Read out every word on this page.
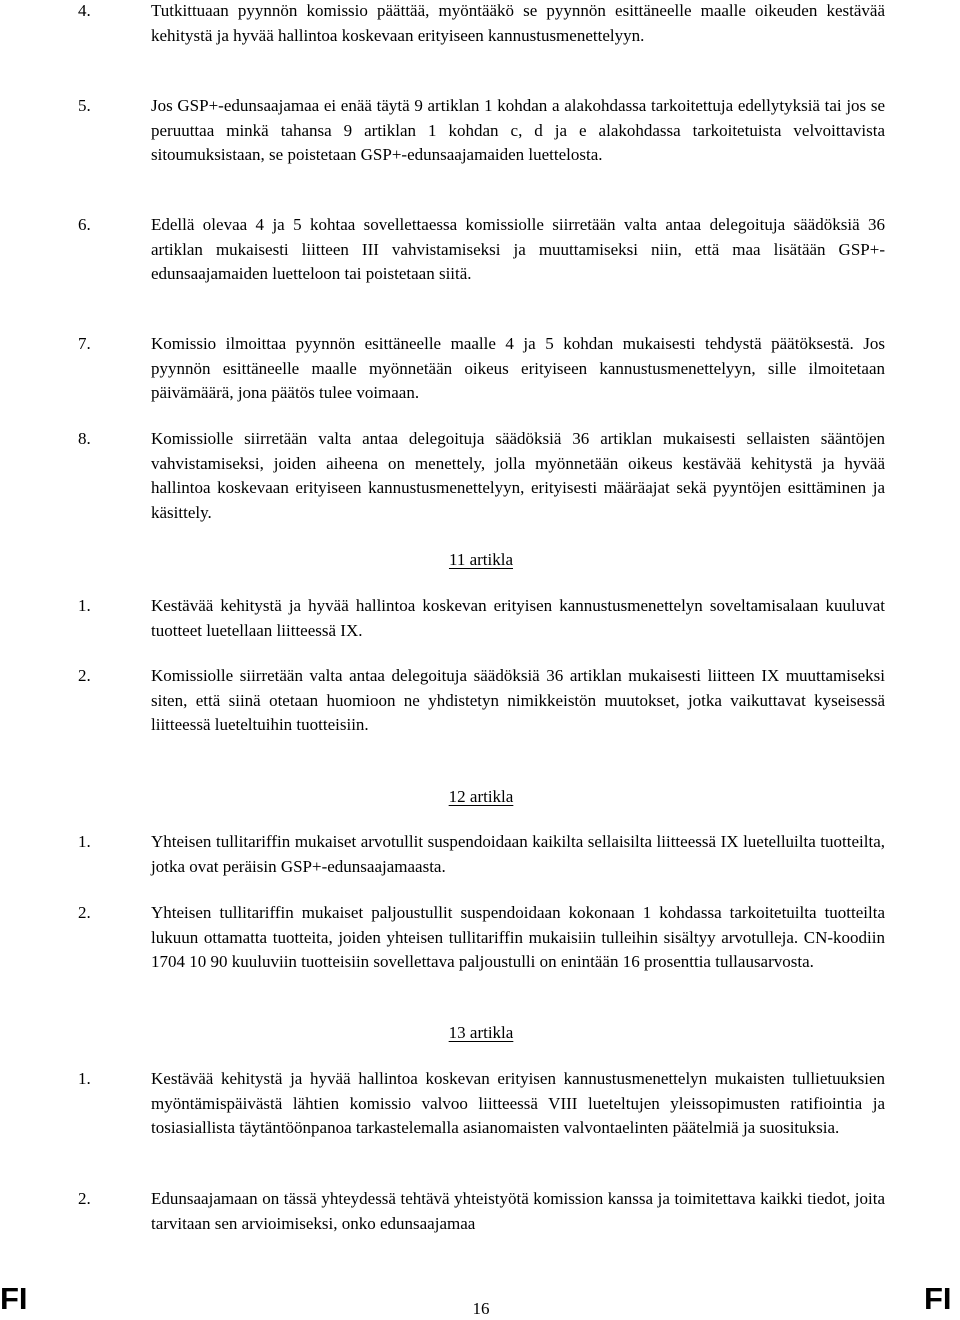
4.	Tutkittuaan pyynnön komissio päättää, myöntääkö se pyynnön esittäneelle maalle oikeuden kestävää kehitystä ja hyvää hallintoa koskevaan erityiseen kannustusmenettelyyn.
5.	Jos GSP+-edunsaajamaa ei enää täytä 9 artiklan 1 kohdan a alakohdassa tarkoitettuja edellytyksiä tai jos se peruuttaa minkä tahansa 9 artiklan 1 kohdan c, d ja e alakohdassa tarkoitetuista velvoittavista sitoumuksistaan, se poistetaan GSP+-edunsaajamaiden luettelosta.
6.	Edellä olevaa 4 ja 5 kohtaa sovellettaessa komissiolle siirretään valta antaa delegoituja säädöksiä 36 artiklan mukaisesti liitteen III vahvistamiseksi ja muuttamiseksi niin, että maa lisätään GSP+-edunsaajamaiden luetteloon tai poistetaan siitä.
7.	Komissio ilmoittaa pyynnön esittäneelle maalle 4 ja 5 kohdan mukaisesti tehdystä päätöksestä. Jos pyynnön esittäneelle maalle myönnetään oikeus erityiseen kannustusmenettelyyn, sille ilmoitetaan päivämäärä, jona päätös tulee voimaan.
8.	Komissiolle siirretään valta antaa delegoituja säädöksiä 36 artiklan mukaisesti sellaisten sääntöjen vahvistamiseksi, joiden aiheena on menettely, jolla myönnetään oikeus kestävää kehitystä ja hyvää hallintoa koskevaan erityiseen kannustusmenettelyyn, erityisesti määräajat sekä pyyntöjen esittäminen ja käsittely.
11 artikla
1.	Kestävää kehitystä ja hyvää hallintoa koskevan erityisen kannustusmenettelyn soveltamisalaan kuuluvat tuotteet luetellaan liitteessä IX.
2.	Komissiolle siirretään valta antaa delegoituja säädöksiä 36 artiklan mukaisesti liitteen IX muuttamiseksi siten, että siinä otetaan huomioon ne yhdistetyn nimikkeistön muutokset, jotka vaikuttavat kyseisessä liitteessä lueteltuihin tuotteisiin.
12 artikla
1.	Yhteisen tullitariffin mukaiset arvotullit suspendoidaan kaikilta sellaisilta liitteessä IX luetelluilta tuotteilta, jotka ovat peräisin GSP+-edunsaajamaasta.
2.	Yhteisen tullitariffin mukaiset paljoustullit suspendoidaan kokonaan 1 kohdassa tarkoitetuilta tuotteilta lukuun ottamatta tuotteita, joiden yhteisen tullitariffin mukaisiin tulleihin sisältyy arvotulleja. CN-koodiin 1704 10 90 kuuluviin tuotteisiin sovellettava paljoustulli on enintään 16 prosenttia tullausarvosta.
13 artikla
1.	Kestävää kehitystä ja hyvää hallintoa koskevan erityisen kannustusmenettelyn mukaisten tullietuuksien myöntämispäivästä lähtien komissio valvoo liitteessä VIII lueteltujen yleissopimusten ratifiointia ja tosiasiallista täytäntöönpanoa tarkastelemalla asianomaisten valvontaelinten päätelmiä ja suosituksia.
2.	Edunsaajamaan on tässä yhteydessä tehtävä yhteistyötä komission kanssa ja toimitettava kaikki tiedot, joita tarvitaan sen arvioimiseksi, onko edunsaajamaa
FI	16	FI
